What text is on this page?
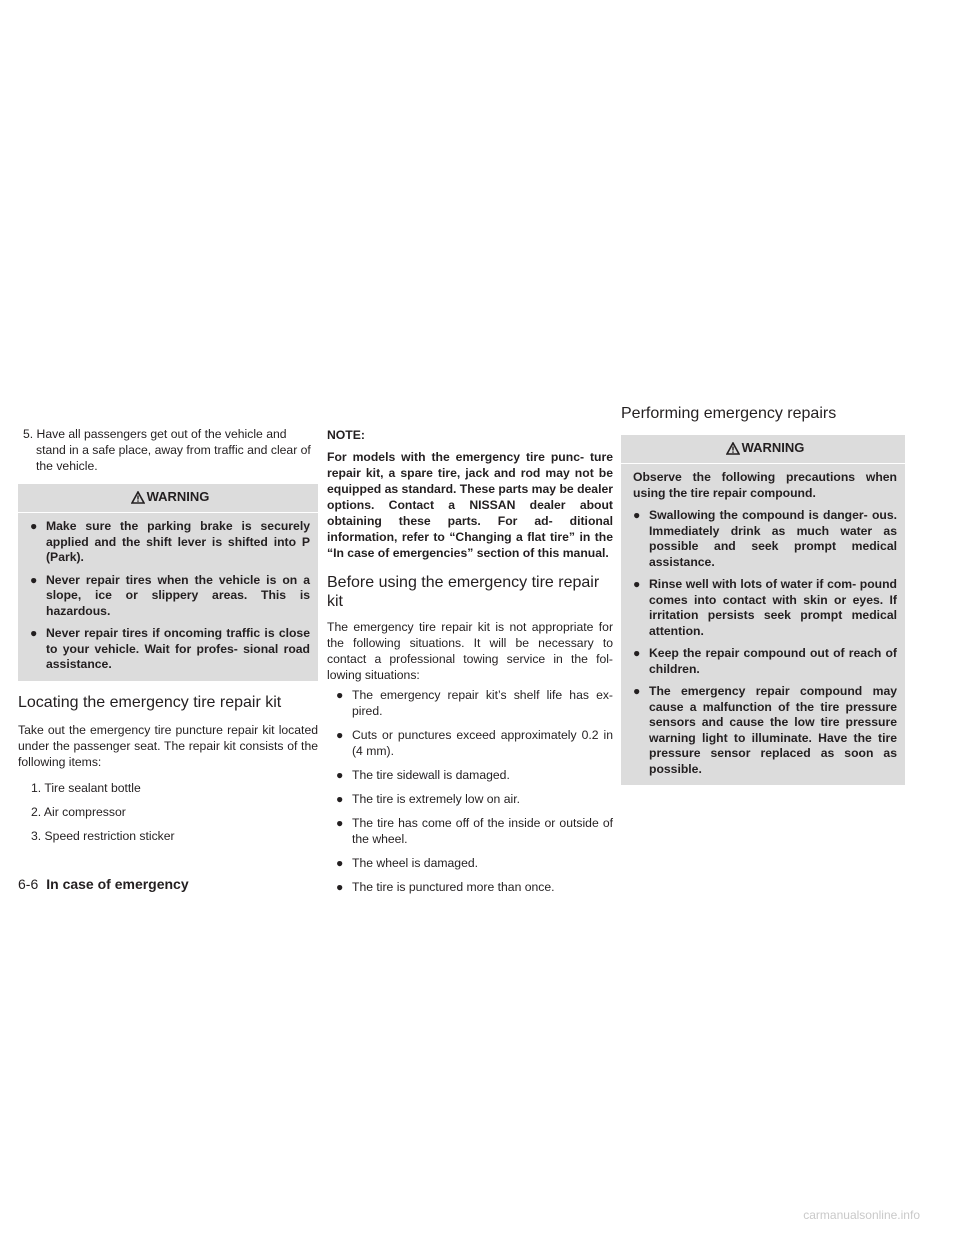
5. Have all passengers get out of the vehicle and stand in a safe place, away from traffic and clear of the vehicle.

WARNING
● Make sure the parking brake is securely applied and the shift lever is shifted into P (Park).
● Never repair tires when the vehicle is on a slope, ice or slippery areas. This is hazardous.
● Never repair tires if oncoming traffic is close to your vehicle. Wait for profes- sional road assistance.
Locating the emergency tire repair kit

Take out the emergency tire puncture repair kit located under the passenger seat. The repair kit consists of the following items:

1. Tire sealant bottle

2. Air compressor

3. Speed restriction sticker

NOTE:

For models with the emergency tire punc- ture repair kit, a spare tire, jack and rod may not be equipped as standard. These parts may be dealer options. Contact a NISSAN dealer about obtaining these parts. For ad- ditional information, refer to “Changing a flat tire” in the “In case of emergencies” section of this manual.

Before using the emergency tire repair kit

The emergency tire repair kit is not appropriate for the following situations. It will be necessary to contact a professional towing service in the fol- lowing situations:

● The emergency repair kit’s shelf life has ex- pired.
● Cuts or punctures exceed approximately 0.2 in (4 mm).
● The tire sidewall is damaged.
● The tire is extremely low on air.
● The tire has come off of the inside or outside of the wheel.
● The wheel is damaged.
● The tire is punctured more than once.
Performing emergency repairs
WARNING

Observe the following precautions when using the tire repair compound.

● Swallowing the compound is danger- ous. Immediately drink as much water as possible and seek prompt medical assistance.
● Rinse well with lots of water if com- pound comes into contact with skin or eyes. If irritation persists seek prompt medical attention.
● Keep the repair compound out of reach of children.
● The emergency repair compound may cause a malfunction of the tire pressure sensors and cause the low tire pressure warning light to illuminate. Have the tire pressure sensor replaced as soon as possible.
6-6 In case of emergency
carmanualsonline.info
